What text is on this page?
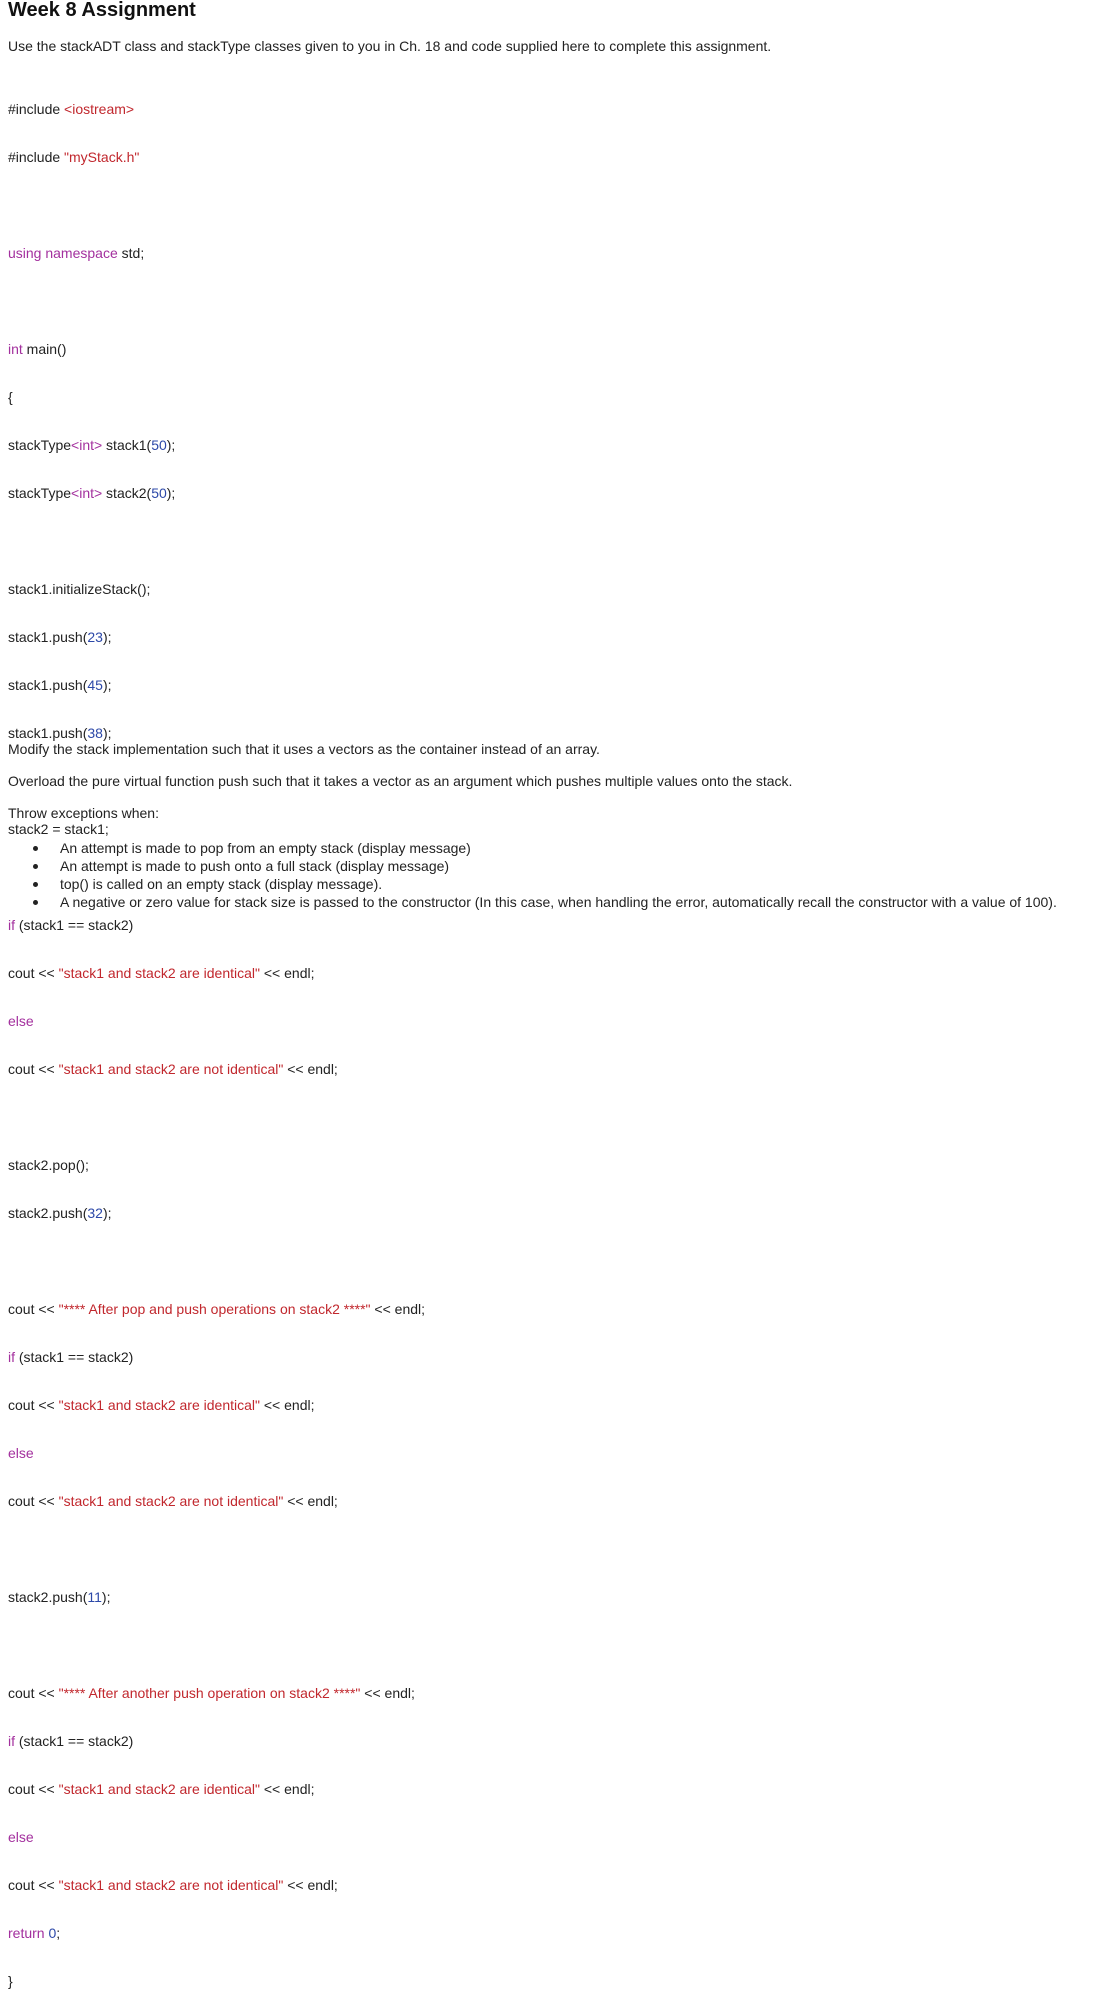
Week 8 Assignment
Use the stackADT class and stackType classes given to you in Ch. 18 and code supplied here to complete this assignment.

#include <iostream>

#include "myStack.h"

using namespace std;

int main()

{

stackType<int> stack1(50);

stackType<int> stack2(50);

stack1.initializeStack();

stack1.push(23);

stack1.push(45);

stack1.push(38);

stack2 = stack1;

if (stack1 == stack2)

cout << "stack1 and stack2 are identical" << endl;

else

cout << "stack1 and stack2 are not identical" << endl;

stack2.pop();

stack2.push(32);

cout << "**** After pop and push operations on stack2 ****" << endl;

if (stack1 == stack2)

cout << "stack1 and stack2 are identical" << endl;

else

cout << "stack1 and stack2 are not identical" << endl;

stack2.push(11);

cout << "**** After another push operation on stack2 ****" << endl;

if (stack1 == stack2)

cout << "stack1 and stack2 are identical" << endl;

else

cout << "stack1 and stack2 are not identical" << endl;

return 0;

}

Modify the stack implementation such that it uses a vectors as the container instead of an array.
Overload the pure virtual function push such that it takes a vector as an argument which pushes multiple values onto the stack.
Throw exceptions when:
An attempt is made to pop from an empty stack (display message)
An attempt is made to push onto a full stack (display message)
top() is called on an empty stack (display message).
A negative or zero value for stack size is passed to the constructor (In this case, when handling the error, automatically recall the constructor with a value of 100).
